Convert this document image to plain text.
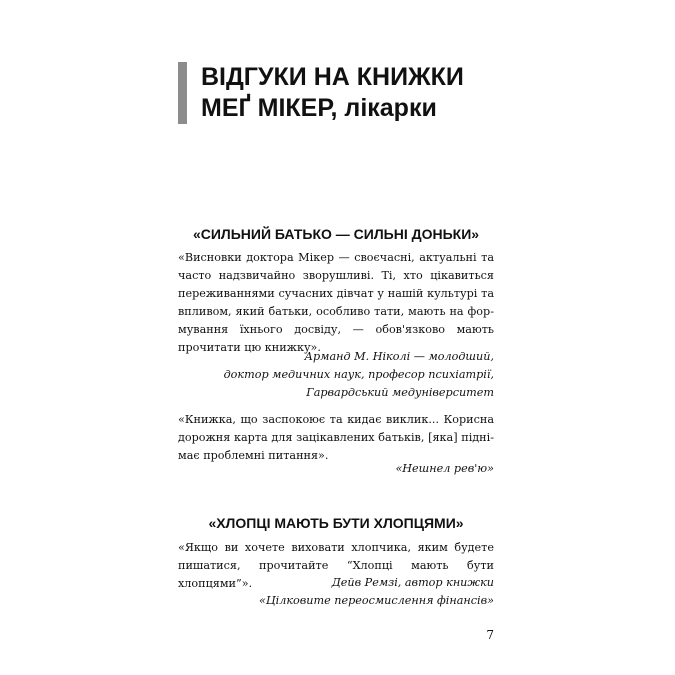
ВІДГУКИ НА КНИЖКИ
МЕҐ МІКЕР, лікарки
«СИЛЬНИЙ БАТЬКО — СИЛЬНІ ДОНЬКИ»
«Висновки доктора Мікер — своєчасні, актуальні та часто надзвичайно зворушливі. Ті, хто цікавиться переживаннями сучасних дівчат у нашій культурі та впливом, який батьки, особливо тати, мають на формування їхнього досвіду, — обов'язково мають прочитати цю книжку».
Арманд М. Ніколі — молодший,
доктор медичних наук, професор психіатрії,
Гарвардський медуніверситет
«Книжка, що заспокоює та кидає виклик... Корисна дорожня карта для зацікавлених батьків, [яка] піднімає проблемні питання».
«Нешнел рев'ю»
«ХЛОПЦІ МАЮТЬ БУТИ ХЛОПЦЯМИ»
«Якщо ви хочете виховати хлопчика, яким будете пишатися, прочитайте “Хлопці мають бути хлопцями”».	Дейв Ремзі, автор книжки
«Цілковите переосмислення фінансів»
7
